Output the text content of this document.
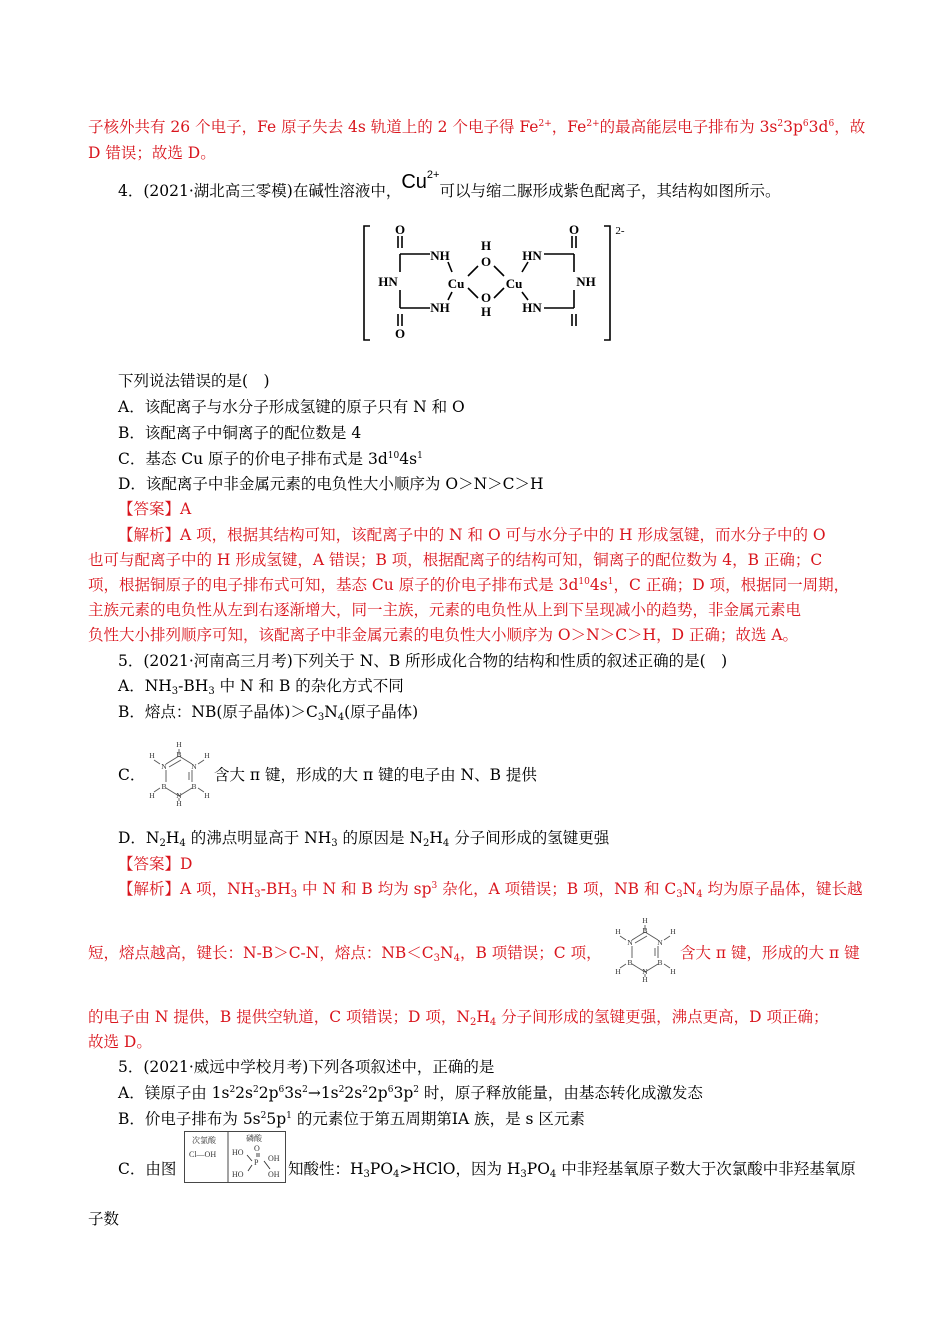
子核外共有 26 个电子，Fe 原子失去 4s 轨道上的 2 个电子得 $Fe^{2+}$，$Fe^{2+}$的最高能层电子排布为 $3s^23p^63d^6$，故
D 错误；故选 D。
4．(2021·湖北高三零模)在碱性溶液中，$Cu^{2+}$可以与缩二脲形成紫色配离子，其结构如图所示。
O
NH
HN	Cu
NH
O
H
O
H
O
HN
Cu	NH
HN
O	2-
下列说法错误的是(　)
A．该配离子与水分子形成氢键的原子只有 N 和 O
B．该配离子中铜离子的配位数是 4
C．基态 Cu 原子的价电子排布式是 $3d^{10}4s^1$
D．该配离子中非金属元素的电负性大小顺序为 O＞N＞C＞H
【答案】A
【解析】A 项，根据其结构可知，该配离子中的 N 和 O 可与水分子中的 H 形成氢键，而水分子中的 O
也可与配离子中的 H 形成氢键，A 错误；B 项，根据配离子的结构可知，铜离子的配位数为 4，B 正确；C
项，根据铜原子的电子排布式可知，基态 Cu 原子的价电子排布式是 $3d^{10}4s^1$，C 正确；D 项，根据同一周期，
主族元素的电负性从左到右逐渐增大，同一主族，元素的电负性从上到下呈现减小的趋势，非金属元素电
负性大小排列顺序可知，该配离子中非金属元素的电负性大小顺序为 O＞N＞C＞H，D 正确；故选 A。
5．(2021·河南高三月考)下列关于 N、B 所形成化合物的结构和性质的叙述正确的是(　)
A．$NH_3-BH_3$ 中 N 和 B 的杂化方式不同
B．熔点：NB(原子晶体)$>C_3N_4$(原子晶体)
C．
H
B
H
N	N
H
B	B
H	H
N
H
含大 π 键，形成的大 π 键的电子由 N、B 提供
D．$N_2H_4$ 的沸点明显高于 $NH_3$ 的原因是 $N_2H_4$ 分子间形成的氢键更强
【答案】D
【解析】A 项，$NH_3-BH_3$ 中 N 和 B 均为 $sp^3$ 杂化，A 项错误；B 项，NB 和 $C_3N_4$ 均为原子晶体，键长越
短，熔点越高，键长：N-B＞C-N，熔点：$NB<C_3N_4$，B 项错误；C 项，
H
B
H
N	N
H
B	B
H	H
N
H
含大 π 键，形成的大 π 键
的电子由 N 提供，B 提供空轨道，C 项错误；D 项，$N_2H_4$ 分子间形成的氢键更强，沸点更高，D 项正确；
故选 D。
5．(2021·威远中学校月考)下列各项叙述中，正确的是
A．镁原子由 $1s^22s^22p^63s^2\to 1s^22s^22p^63p^2$ 时，原子释放能量，由基态转化成激发态
B．价电子排布为 $5s^25p^1$ 的元素位于第五周期第ⅠA 族，是 s 区元素
C．由图
次氯酸
Cl—OH
磷酸
HO O
P
HO
OH
OH 知酸性：$H_3PO_4>HClO$，因为 $H_3PO_4$ 中非羟基氧原子数大于次氯酸中非羟基氧原
子数
